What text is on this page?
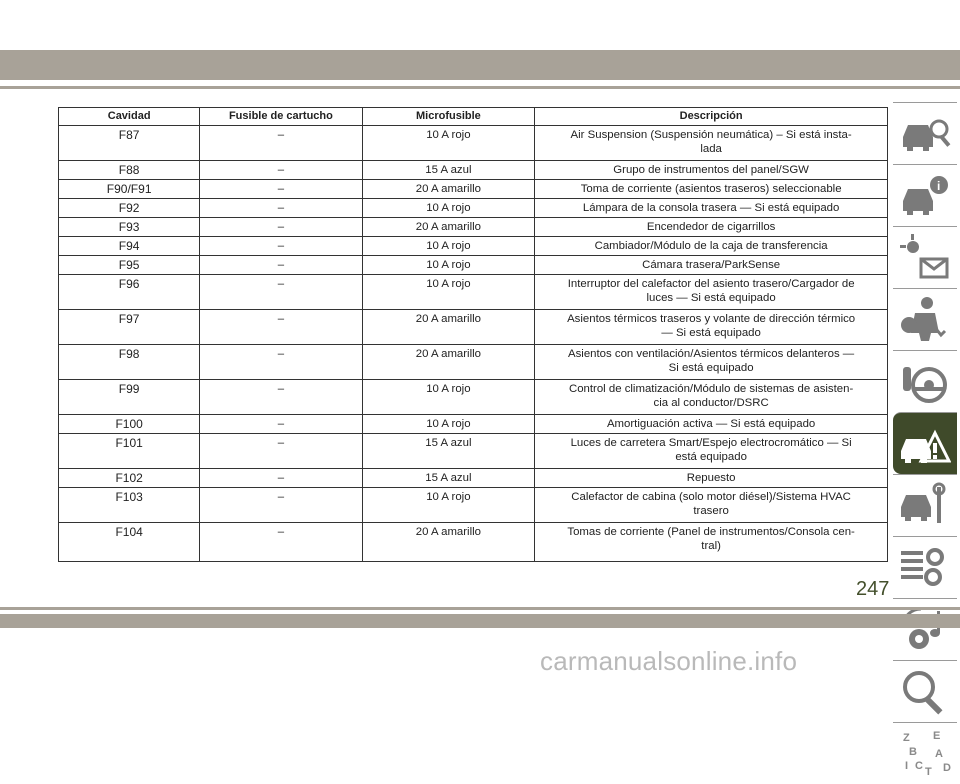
Cavidad	Fusible de cartucho	Microfusible	Descripción
F87	–	10 A rojo	Air Suspension (Suspensión neumática) – Si está insta-
lada

F88	–	15 A azul	Grupo de instrumentos del panel/SGW

F90/F91	–	20 A amarillo	Toma de corriente (asientos traseros) seleccionable

F92	–	10 A rojo	Lámpara de la consola trasera — Si está equipado

F93	–	20 A amarillo	Encendedor de cigarrillos

F94	–	10 A rojo	Cambiador/Módulo de la caja de transferencia

F95	–	10 A rojo	Cámara trasera/ParkSense

F96	–	10 A rojo	Interruptor del calefactor del asiento trasero/Cargador de
luces — Si está equipado

F97	–	20 A amarillo	Asientos térmicos traseros y volante de dirección térmico
— Si está equipado

F98	–	20 A amarillo	Asientos con ventilación/Asientos térmicos delanteros —
Si está equipado

F99	–	10 A rojo	Control de climatización/Módulo de sistemas de asisten-
cia al conductor/DSRC

F100	–	10 A rojo	Amortiguación activa — Si está equipado

F101	–	15 A azul	Luces de carretera Smart/Espejo electrocromático — Si
está equipado

F102	–	15 A azul	Repuesto

F103	–	10 A rojo	Calefactor de cabina (solo motor diésel)/Sistema HVAC
trasero

F104	–	20 A amarillo	Tomas de corriente (Panel de instrumentos/Consola cen-
tral)
i
Z E
B A
I C D
T
247
carmanualsonline.info
